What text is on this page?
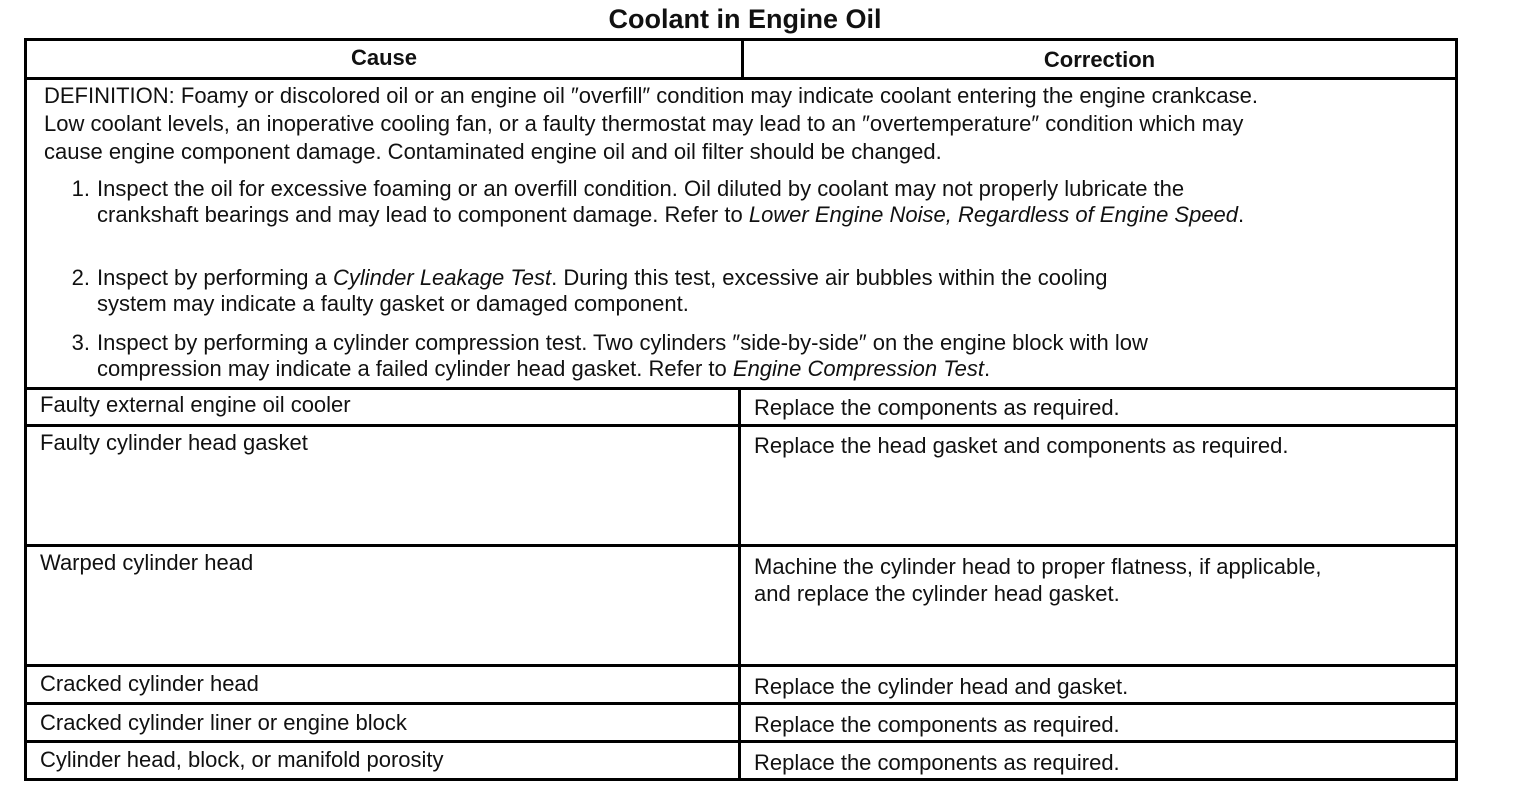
Coolant in Engine Oil
Cause	Correction
DEFINITION: Foamy or discolored oil or an engine oil ″overfill″ condition may indicate coolant entering the engine crankcase.
Low coolant levels, an inoperative cooling fan, or a faulty thermostat may lead to an ″overtemperature″ condition which may
cause engine component damage. Contaminated engine oil and oil filter should be changed.
1. Inspect the oil for excessive foaming or an overfill condition. Oil diluted by coolant may not properly lubricate the
crankshaft bearings and may lead to component damage. Refer to Lower Engine Noise, Regardless of Engine Speed.
2. Inspect by performing a Cylinder Leakage Test. During this test, excessive air bubbles within the cooling
system may indicate a faulty gasket or damaged component.
3. Inspect by performing a cylinder compression test. Two cylinders ″side-by-side″ on the engine block with low
compression may indicate a failed cylinder head gasket. Refer to Engine Compression Test.
Faulty external engine oil cooler	Replace the components as required.
Faulty cylinder head gasket	Replace the head gasket and components as required.
Warped cylinder head	Machine the cylinder head to proper flatness, if applicable,
and replace the cylinder head gasket.
Cracked cylinder head	Replace the cylinder head and gasket.
Cracked cylinder liner or engine block	Replace the components as required.
Cylinder head, block, or manifold porosity	Replace the components as required.
